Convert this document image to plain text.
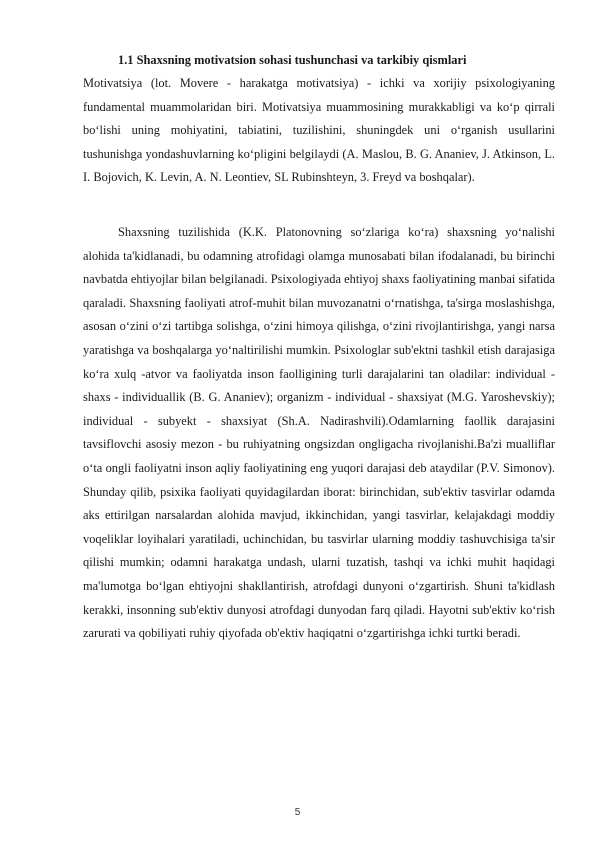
1.1 Shaxsning motivatsion sohasi tushunchasi va tarkibiy qismlari

Motivatsiya (lot. Movere - harakatga motivatsiya) - ichki va xorijiy psixologiyaning fundamental muammolaridan biri. Motivatsiya muammosining murakkabligi va ko‘p qirrali bo‘lishi uning mohiyatini, tabiatini, tuzilishini, shuningdek uni o‘rganish usullarini tushunishga yondashuvlarning ko‘pligini belgilaydi (A. Maslou, B. G. Ananiev, J. Atkinson, L. I. Bojovich, K. Levin, A. N. Leontiev, SL Rubinshteyn, 3. Freyd va boshqalar).

Shaxsning tuzilishida (K.K. Platonovning so‘zlariga ko‘ra) shaxsning yo‘nalishi alohida ta'kidlanadi, bu odamning atrofidagi olamga munosabati bilan ifodalanadi, bu birinchi navbatda ehtiyojlar bilan belgilanadi. Psixologiyada ehtiyoj shaxs faoliyatining manbai sifatida qaraladi. Shaxsning faoliyati atrof-muhit bilan muvozanatni o‘rnatishga, ta'sirga moslashishga, asosan o‘zini o‘zi tartibga solishga, o‘zini himoya qilishga, o‘zini rivojlantirishga, yangi narsa yaratishga va boshqalarga yo‘naltirilishi mumkin. Psixologlar sub'ektni tashkil etish darajasiga ko‘ra xulq -atvor va faoliyatda inson faolligining turli darajalarini tan oladilar: individual - shaxs - individuallik (B. G. Ananiev); organizm - individual - shaxsiyat (M.G. Yaroshevskiy); individual - subyekt - shaxsiyat (Sh.A. Nadirashvili).Odamlarning faollik darajasini tavsiflovchi asosiy mezon - bu ruhiyatning ongsizdan ongligacha rivojlanishi.Ba'zi mualliflar o‘ta ongli faoliyatni inson aqliy faoliyatining eng yuqori darajasi deb ataydilar (P.V. Simonov). Shunday qilib, psixika faoliyati quyidagilardan iborat: birinchidan, sub'ektiv tasvirlar odamda aks ettirilgan narsalardan alohida mavjud, ikkinchidan, yangi tasvirlar, kelajakdagi moddiy voqeliklar loyihalari yaratiladi, uchinchidan, bu tasvirlar ularning moddiy tashuvchisiga ta'sir qilishi mumkin; odamni harakatga undash, ularni tuzatish, tashqi va ichki muhit haqidagi ma'lumotga bo‘lgan ehtiyojni shakllantirish, atrofdagi dunyoni o‘zgartirish. Shuni ta'kidlash kerakki, insonning sub'ektiv dunyosi atrofdagi dunyodan farq qiladi. Hayotni sub'ektiv ko‘rish zarurati va qobiliyati ruhiy qiyofada ob'ektiv haqiqatni o‘zgartirishga ichki turtki beradi.

5
